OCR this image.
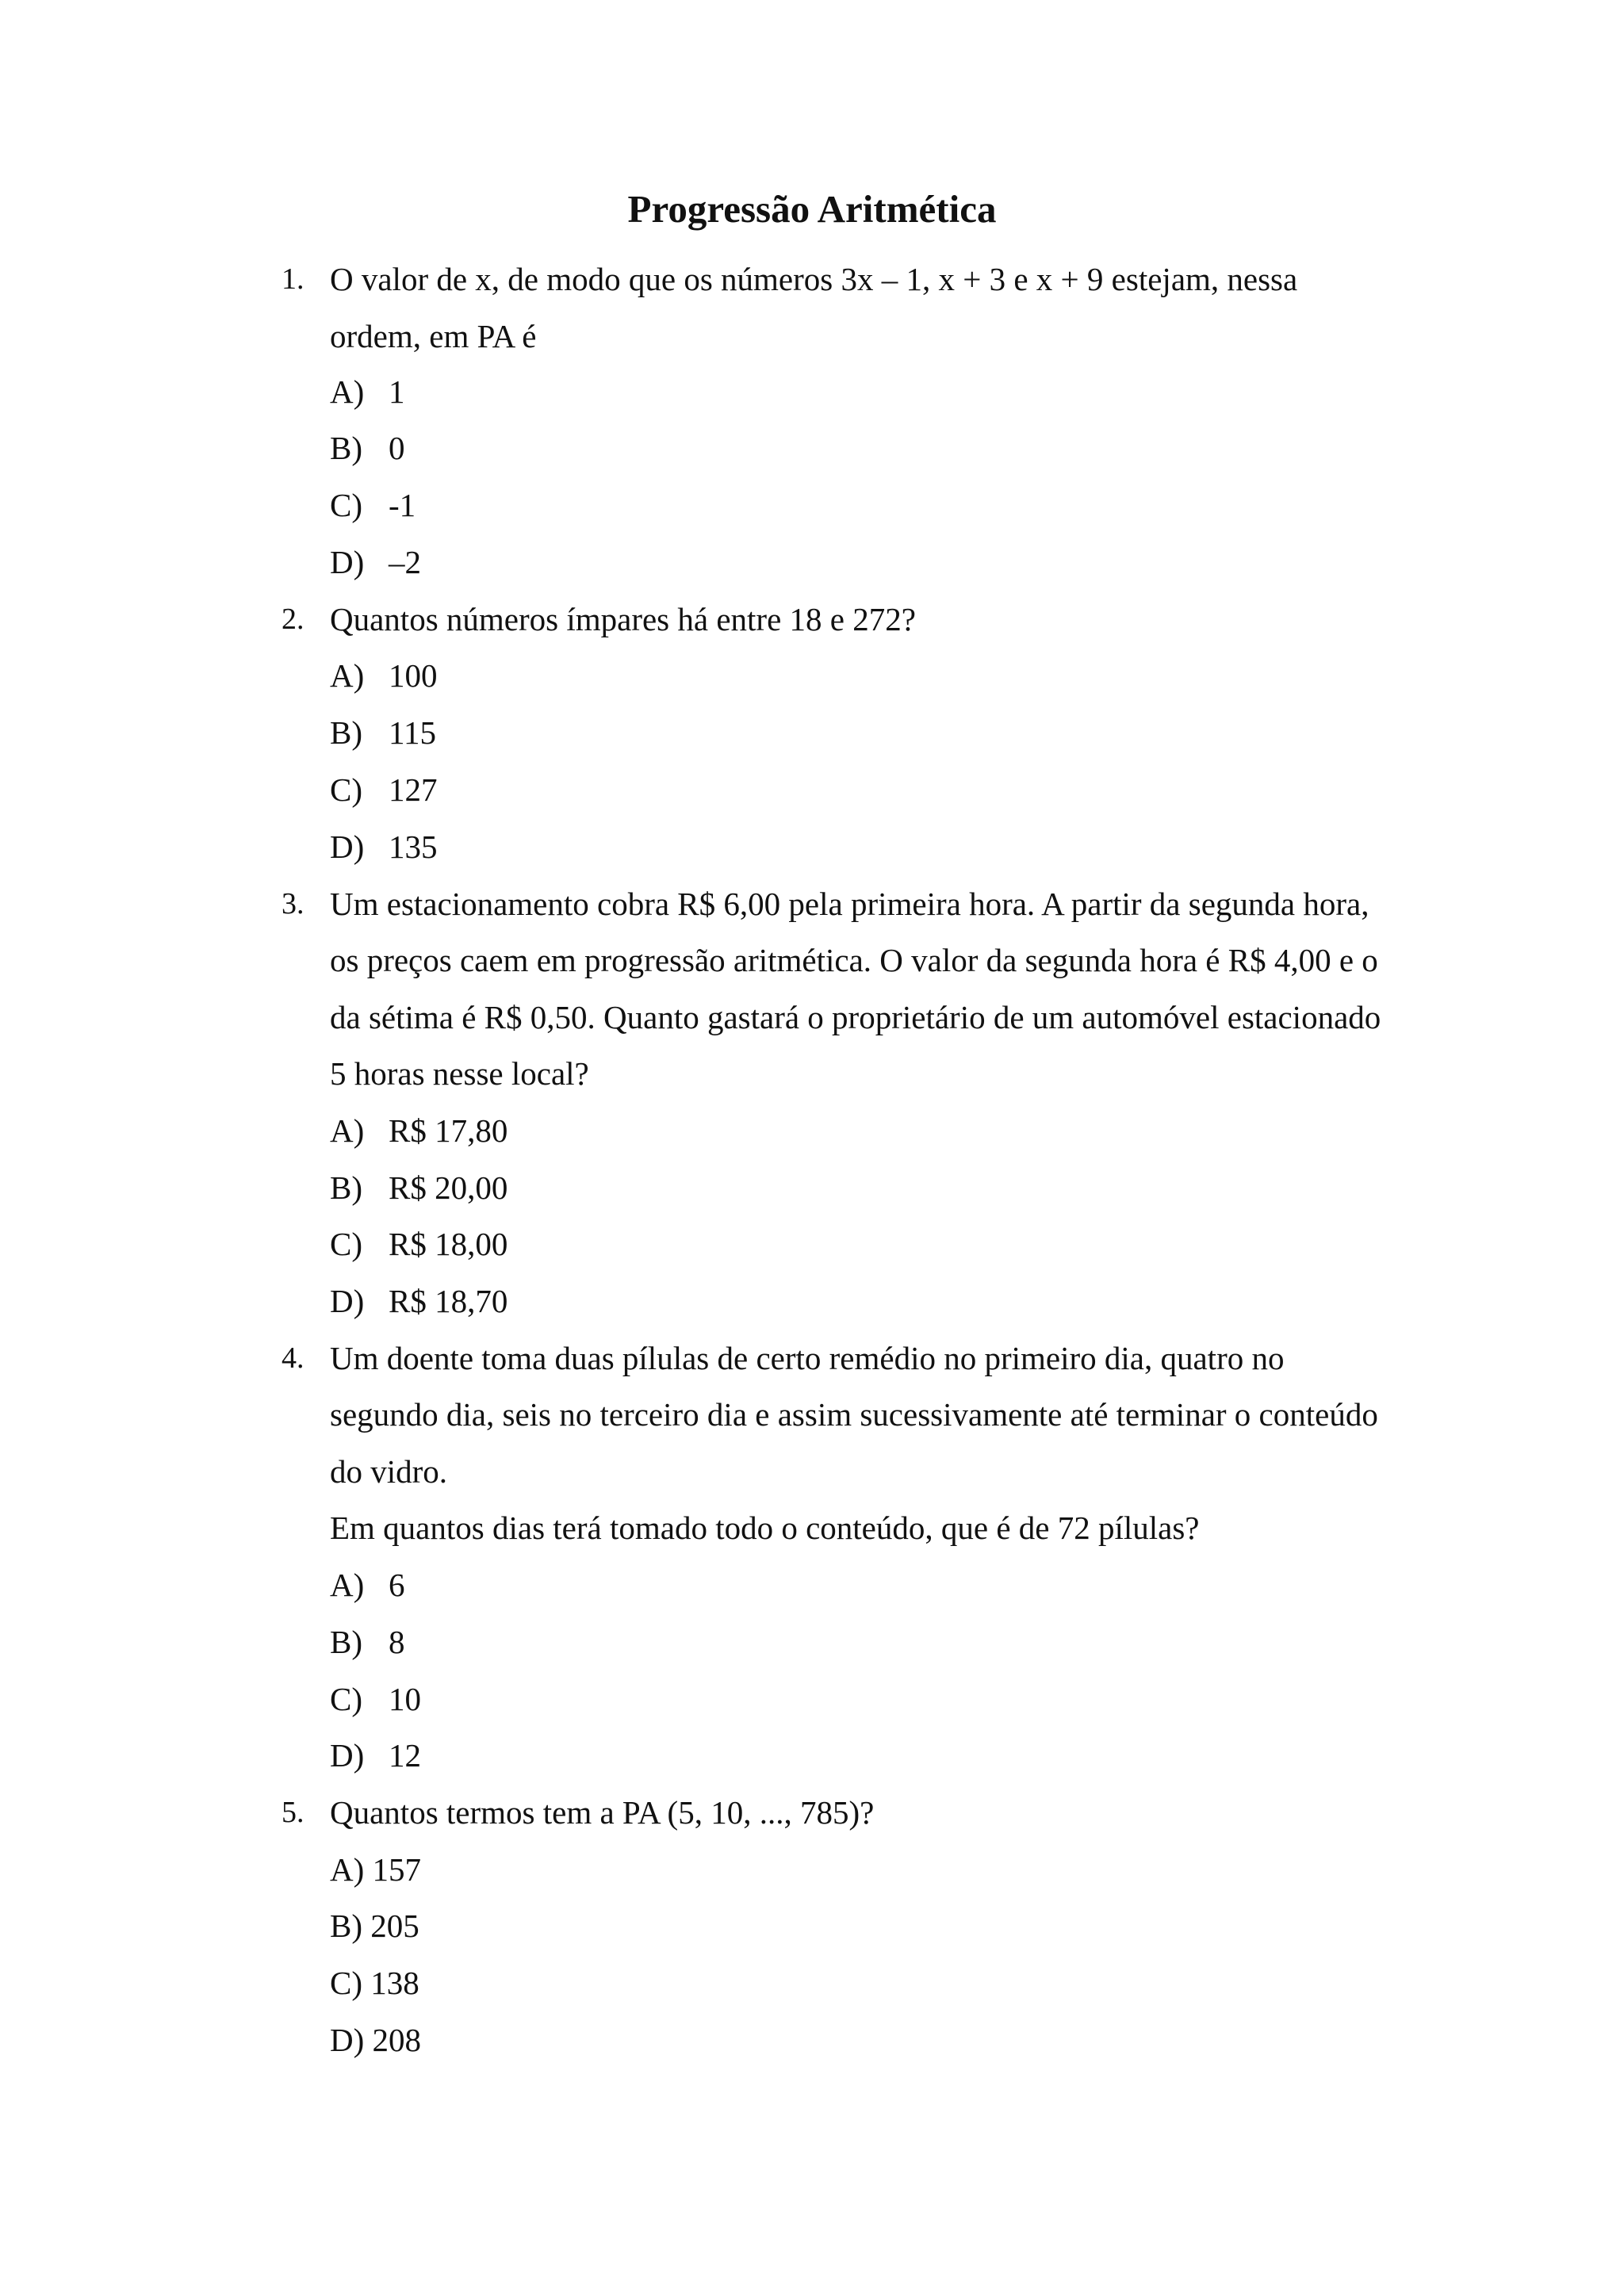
Progressão Aritmética
1. O valor de x, de modo que os números 3x – 1, x + 3 e x + 9 estejam, nessa
ordem, em PA é
A) 1
B) 0
C) -1
D) –2
2. Quantos números ímpares há entre 18 e 272?
A) 100
B) 115
C) 127
D) 135
3. Um estacionamento cobra R$ 6,00 pela primeira hora. A partir da segunda hora,
os preços caem em progressão aritmética. O valor da segunda hora é R$ 4,00 e o
da sétima é R$ 0,50. Quanto gastará o proprietário de um automóvel estacionado
5 horas nesse local?
A) R$ 17,80
B) R$ 20,00
C) R$ 18,00
D) R$ 18,70
4. Um doente toma duas pílulas de certo remédio no primeiro dia, quatro no
segundo dia, seis no terceiro dia e assim sucessivamente até terminar o conteúdo
do vidro.
Em quantos dias terá tomado todo o conteúdo, que é de 72 pílulas?
A) 6
B) 8
C) 10
D) 12
5. Quantos termos tem a PA (5, 10, ..., 785)?
A) 157
B) 205
C) 138
D) 208
